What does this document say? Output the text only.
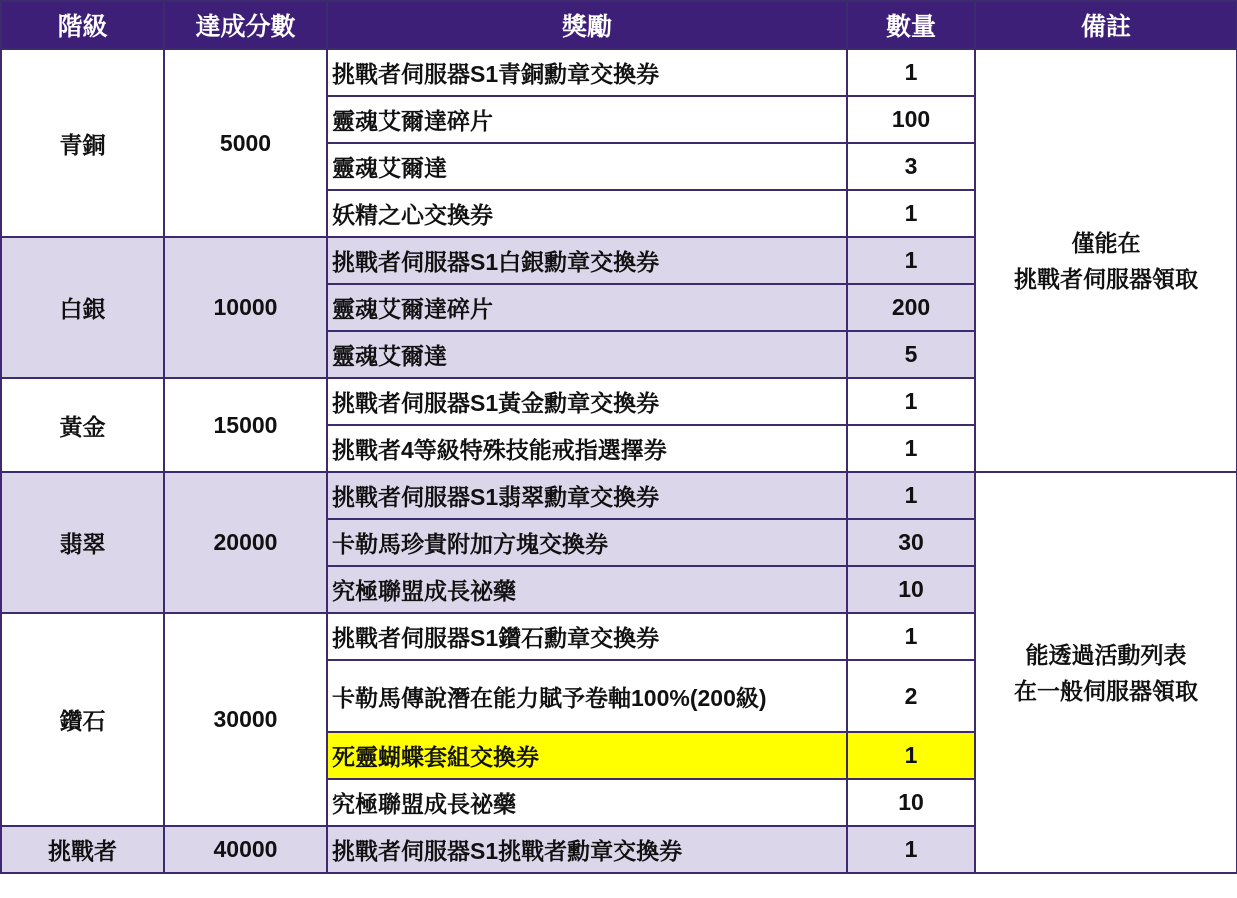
階級	達成分數	獎勵	數量	備註
青銅	5000	挑戰者伺服器S1青銅勳章交換券	1	僅能在
挑戰者伺服器領取
		靈魂艾爾達碎片	100	
		靈魂艾爾達	3	
		妖精之心交換券	1	
白銀	10000	挑戰者伺服器S1白銀勳章交換券	1	
		靈魂艾爾達碎片	200	
		靈魂艾爾達	5	
黃金	15000	挑戰者伺服器S1黃金勳章交換券	1	
		挑戰者4等級特殊技能戒指選擇券	1	
翡翠	20000	挑戰者伺服器S1翡翠勳章交換券	1	能透過活動列表
在一般伺服器領取
		卡勒馬珍貴附加方塊交換券	30	
		究極聯盟成長祕藥	10	
鑽石	30000	挑戰者伺服器S1鑽石勳章交換券	1	
		卡勒馬傳說潛在能力賦予卷軸100%(200級)	2	
		死靈蝴蝶套組交換券	1	
		究極聯盟成長祕藥	10	
挑戰者	40000	挑戰者伺服器S1挑戰者勳章交換券	1	
